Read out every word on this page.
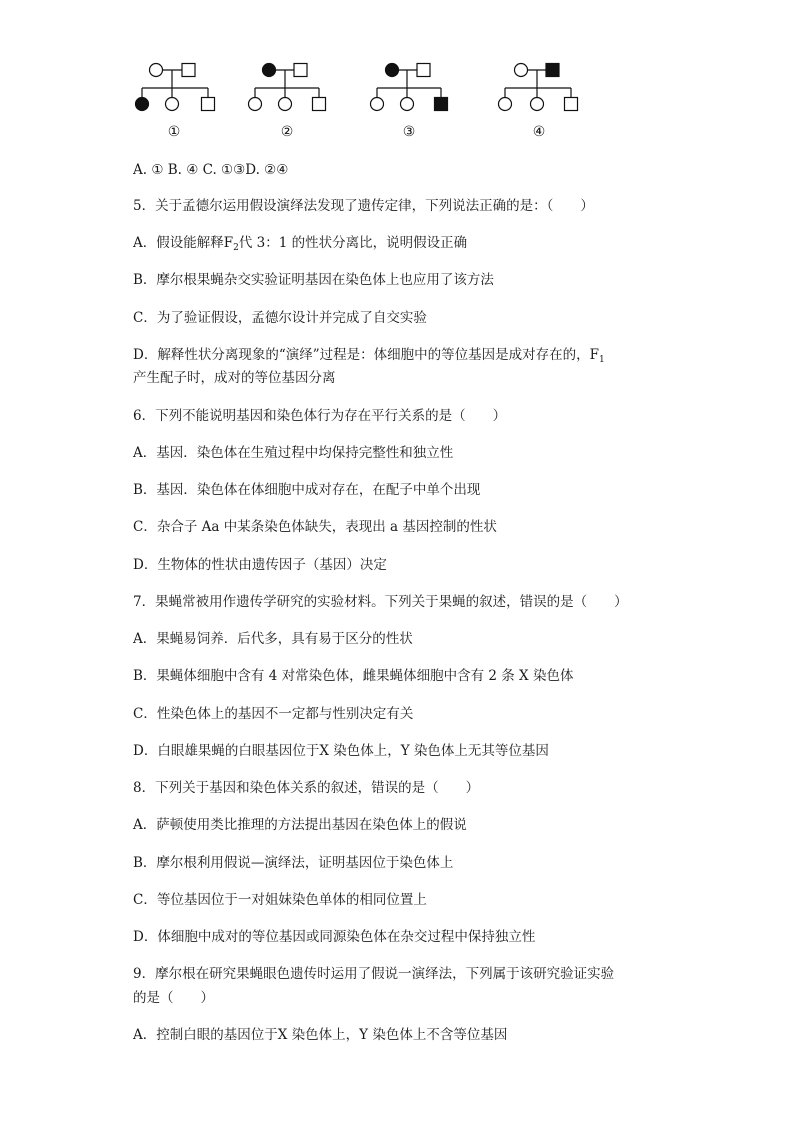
①	②	③	④
A. ① B. ④ C. ①③D. ②④
5．关于孟德尔运用假设演绎法发现了遗传定律，下列说法正确的是：（　　）
A．假设能解释$F_2$代 3：1 的性状分离比，说明假设正确
B．摩尔根果蝇杂交实验证明基因在染色体上也应用了该方法
C．为了验证假设，孟德尔设计并完成了自交实验
D．解释性状分离现象的“演绎”过程是：体细胞中的等位基因是成对存在的，$F_1$
产生配子时，成对的等位基因分离
6．下列不能说明基因和染色体行为存在平行关系的是（　　）
A．基因．染色体在生殖过程中均保持完整性和独立性
B．基因．染色体在体细胞中成对存在，在配子中单个出现
C．杂合子 Aa 中某条染色体缺失，表现出 a 基因控制的性状
D．生物体的性状由遗传因子（基因）决定
7．果蝇常被用作遗传学研究的实验材料。下列关于果蝇的叙述，错误的是（　　）
A．果蝇易饲养．后代多，具有易于区分的性状
B．果蝇体细胞中含有 4 对常染色体，雌果蝇体细胞中含有 2 条 X 染色体
C．性染色体上的基因不一定都与性别决定有关
D．白眼雄果蝇的白眼基因位于X 染色体上，Y 染色体上无其等位基因
8．下列关于基因和染色体关系的叙述，错误的是（　　）
A．萨顿使用类比推理的方法提出基因在染色体上的假说
B．摩尔根利用假说—演绎法，证明基因位于染色体上
C．等位基因位于一对姐妹染色单体的相同位置上
D．体细胞中成对的等位基因或同源染色体在杂交过程中保持独立性
9．摩尔根在研究果蝇眼色遗传时运用了假说一演绎法，下列属于该研究验证实验
的是（　　）
A．控制白眼的基因位于X 染色体上，Y 染色体上不含等位基因
